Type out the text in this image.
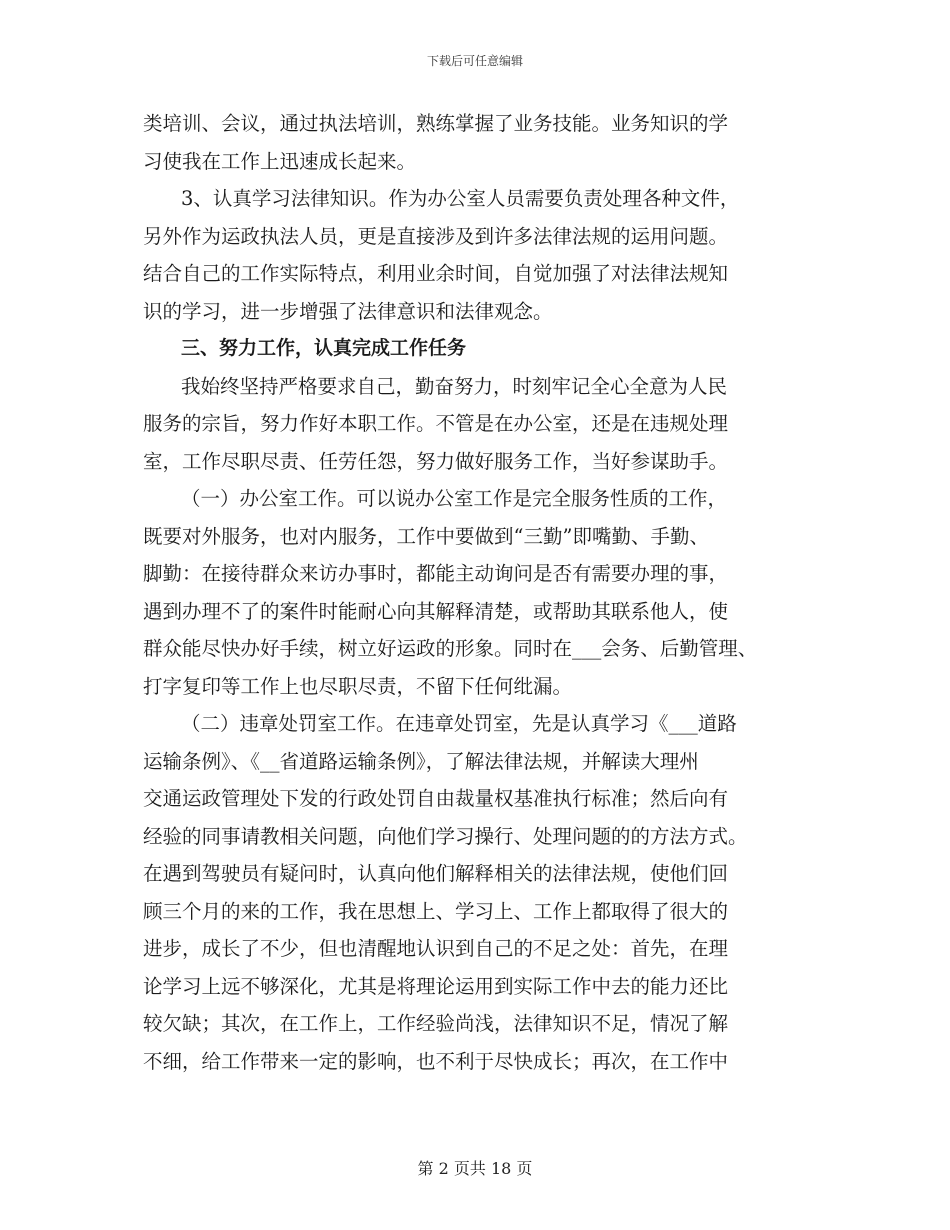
下载后可任意编辑
类培训、会议，通过执法培训，熟练掌握了业务技能。业务知识的学
习使我在工作上迅速成长起来。
3、认真学习法律知识。作为办公室人员需要负责处理各种文件，
另外作为运政执法人员，更是直接涉及到许多法律法规的运用问题。
结合自己的工作实际特点，利用业余时间，自觉加强了对法律法规知
识的学习，进一步增强了法律意识和法律观念。
三、努力工作，认真完成工作任务
我始终坚持严格要求自己，勤奋努力，时刻牢记全心全意为人民
服务的宗旨，努力作好本职工作。不管是在办公室，还是在违规处理
室，工作尽职尽责、任劳任怨，努力做好服务工作，当好参谋助手。
（一）办公室工作。可以说办公室工作是完全服务性质的工作，
既要对外服务，也对内服务，工作中要做到“三勤”即嘴勤、手勤、
脚勤：在接待群众来访办事时，都能主动询问是否有需要办理的事，
遇到办理不了的案件时能耐心向其解释清楚，或帮助其联系他人，使
群众能尽快办好手续，树立好运政的形象。同时在___会务、后勤管理、
打字复印等工作上也尽职尽责，不留下任何纰漏。
（二）违章处罚室工作。在违章处罚室，先是认真学习《___道路
运输条例》、《__省道路运输条例》，了解法律法规，并解读大理州
交通运政管理处下发的行政处罚自由裁量权基准执行标准；然后向有
经验的同事请教相关问题，向他们学习操行、处理问题的的方法方式。
在遇到驾驶员有疑问时，认真向他们解释相关的法律法规，使他们回
顾三个月的来的工作，我在思想上、学习上、工作上都取得了很大的
进步，成长了不少，但也清醒地认识到自己的不足之处：首先，在理
论学习上远不够深化，尤其是将理论运用到实际工作中去的能力还比
较欠缺；其次，在工作上，工作经验尚浅，法律知识不足，情况了解
不细，给工作带来一定的影响，也不利于尽快成长；再次，在工作中
第 2 页共 18 页
